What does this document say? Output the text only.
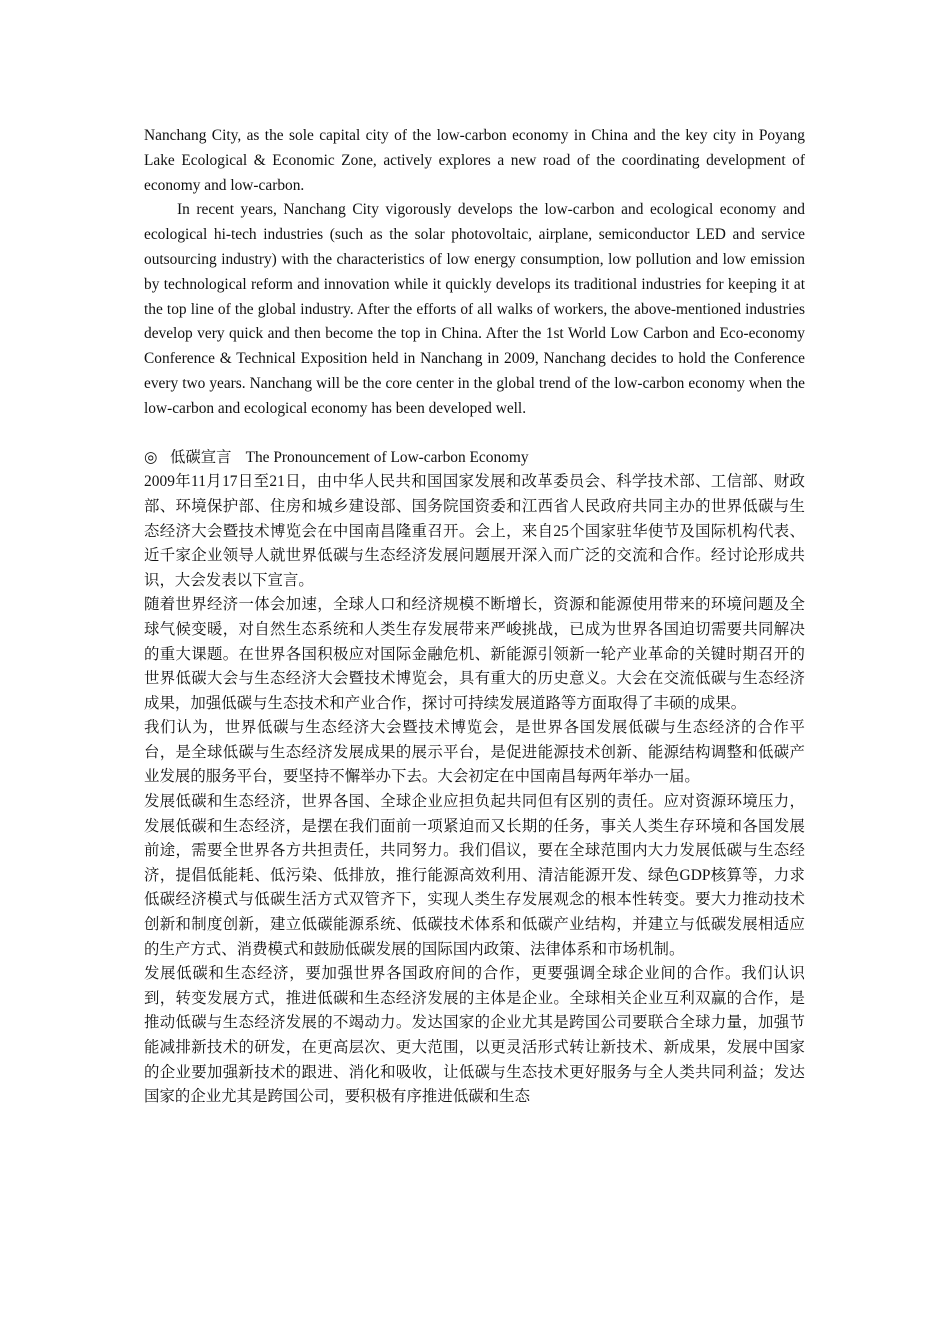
Nanchang City, as the sole capital city of the low-carbon economy in China and the key city in Poyang Lake Ecological & Economic Zone, actively explores a new road of the coordinating development of economy and low-carbon.

In recent years, Nanchang City vigorously develops the low-carbon and ecological economy and ecological hi-tech industries (such as the solar photovoltaic, airplane, semiconductor LED and service outsourcing industry) with the characteristics of low energy consumption, low pollution and low emission by technological reform and innovation while it quickly develops its traditional industries for keeping it at the top line of the global industry. After the efforts of all walks of workers, the above-mentioned industries develop very quick and then become the top in China. After the 1st World Low Carbon and Eco-economy Conference & Technical Exposition held in Nanchang in 2009, Nanchang decides to hold the Conference every two years. Nanchang will be the core center in the global trend of the low-carbon economy when the low-carbon and ecological economy has been developed well.

◎ 低碳宣言 The Pronouncement of Low-carbon Economy

2009年11月17日至21日，由中华人民共和国国家发展和改革委员会、科学技术部、工信部、财政部、环境保护部、住房和城乡建设部、国务院国资委和江西省人民政府共同主办的世界低碳与生态经济大会暨技术博览会在中国南昌隆重召开。会上，来自25个国家驻华使节及国际机构代表、近千家企业领导人就世界低碳与生态经济发展问题展开深入而广泛的交流和合作。经讨论形成共识，大会发表以下宣言。

随着世界经济一体会加速，全球人口和经济规模不断增长，资源和能源使用带来的环境问题及全球气候变暖，对自然生态系统和人类生存发展带来严峻挑战，已成为世界各国迫切需要共同解决的重大课题。在世界各国积极应对国际金融危机、新能源引领新一轮产业革命的关键时期召开的世界低碳大会与生态经济大会暨技术博览会，具有重大的历史意义。大会在交流低碳与生态经济成果，加强低碳与生态技术和产业合作，探讨可持续发展道路等方面取得了丰硕的成果。

我们认为，世界低碳与生态经济大会暨技术博览会，是世界各国发展低碳与生态经济的合作平台，是全球低碳与生态经济发展成果的展示平台，是促进能源技术创新、能源结构调整和低碳产业发展的服务平台，要坚持不懈举办下去。大会初定在中国南昌每两年举办一届。

发展低碳和生态经济，世界各国、全球企业应担负起共同但有区别的责任。应对资源环境压力，发展低碳和生态经济，是摆在我们面前一项紧迫而又长期的任务，事关人类生存环境和各国发展前途，需要全世界各方共担责任，共同努力。我们倡议，要在全球范围内大力发展低碳与生态经济，提倡低能耗、低污染、低排放，推行能源高效利用、清洁能源开发、绿色GDP核算等，力求低碳经济模式与低碳生活方式双管齐下，实现人类生存发展观念的根本性转变。要大力推动技术创新和制度创新，建立低碳能源系统、低碳技术体系和低碳产业结构，并建立与低碳发展相适应的生产方式、消费模式和鼓励低碳发展的国际国内政策、法律体系和市场机制。

发展低碳和生态经济，要加强世界各国政府间的合作，更要强调全球企业间的合作。我们认识到，转变发展方式，推进低碳和生态经济发展的主体是企业。全球相关企业互利双赢的合作，是推动低碳与生态经济发展的不竭动力。发达国家的企业尤其是跨国公司要联合全球力量，加强节能减排新技术的研发，在更高层次、更大范围，以更灵活形式转让新技术、新成果，发展中国家的企业要加强新技术的跟进、消化和吸收，让低碳与生态技术更好服务与全人类共同利益；发达国家的企业尤其是跨国公司，要积极有序推进低碳和生态
